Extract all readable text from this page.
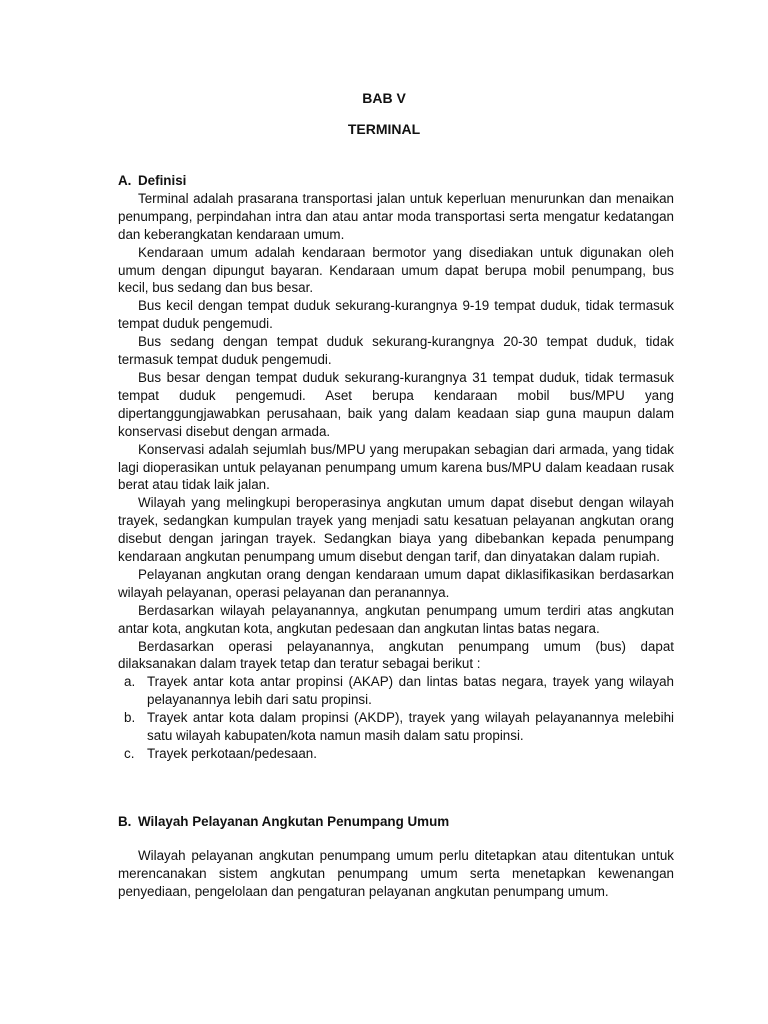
BAB V
TERMINAL
A. Definisi

Terminal adalah prasarana transportasi jalan untuk keperluan menurunkan dan menaikan penumpang, perpindahan intra dan atau antar moda transportasi serta mengatur kedatangan dan keberangkatan kendaraan umum.

Kendaraan umum adalah kendaraan bermotor yang disediakan untuk digunakan oleh umum dengan dipungut bayaran. Kendaraan umum dapat berupa mobil penumpang, bus kecil, bus sedang dan bus besar.

Bus kecil dengan tempat duduk sekurang-kurangnya 9-19 tempat duduk, tidak termasuk tempat duduk pengemudi.

Bus sedang dengan tempat duduk sekurang-kurangnya 20-30 tempat duduk, tidak termasuk tempat duduk pengemudi.

Bus besar dengan tempat duduk sekurang-kurangnya 31 tempat duduk, tidak termasuk tempat duduk pengemudi. Aset berupa kendaraan mobil bus/MPU yang dipertanggungjawabkan perusahaan, baik yang dalam keadaan siap guna maupun dalam konservasi disebut dengan armada.

Konservasi adalah sejumlah bus/MPU yang merupakan sebagian dari armada, yang tidak lagi dioperasikan untuk pelayanan penumpang umum karena bus/MPU dalam keadaan rusak berat atau tidak laik jalan.

Wilayah yang melingkupi beroperasinya angkutan umum dapat disebut dengan wilayah trayek, sedangkan kumpulan trayek yang menjadi satu kesatuan pelayanan angkutan orang disebut dengan jaringan trayek. Sedangkan biaya yang dibebankan kepada penumpang kendaraan angkutan penumpang umum disebut dengan tarif, dan dinyatakan dalam rupiah.

Pelayanan angkutan orang dengan kendaraan umum dapat diklasifikasikan berdasarkan wilayah pelayanan, operasi pelayanan dan peranannya.

Berdasarkan wilayah pelayanannya, angkutan penumpang umum terdiri atas angkutan antar kota, angkutan kota, angkutan pedesaan dan angkutan lintas batas negara.

Berdasarkan operasi pelayanannya, angkutan penumpang umum (bus) dapat dilaksanakan dalam trayek tetap dan teratur sebagai berikut :

a. Trayek antar kota antar propinsi (AKAP) dan lintas batas negara, trayek yang wilayah pelayanannya lebih dari satu propinsi.
b. Trayek antar kota dalam propinsi (AKDP), trayek yang wilayah pelayanannya melebihi satu wilayah kabupaten/kota namun masih dalam satu propinsi.
c. Trayek perkotaan/pedesaan.
B. Wilayah Pelayanan Angkutan Penumpang Umum

Wilayah pelayanan angkutan penumpang umum perlu ditetapkan atau ditentukan untuk merencanakan sistem angkutan penumpang umum serta menetapkan kewenangan penyediaan, pengelolaan dan pengaturan pelayanan angkutan penumpang umum.
